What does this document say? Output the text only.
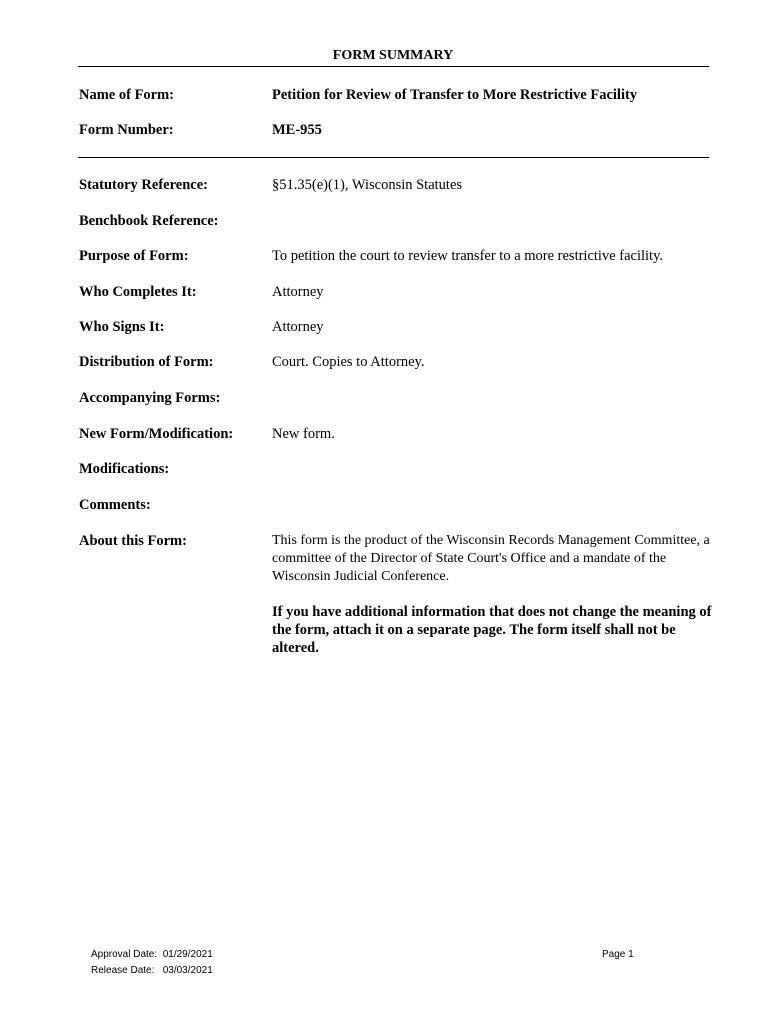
FORM SUMMARY
Name of Form:	Petition for Review of Transfer to More Restrictive Facility
Form Number:	ME-955
Statutory Reference:	§51.35(e)(1), Wisconsin Statutes
Benchbook Reference:
Purpose of Form:	To petition the court to review transfer to a more restrictive facility.
Who Completes It:	Attorney
Who Signs It:	Attorney
Distribution of Form:	Court. Copies to Attorney.
Accompanying Forms:
New Form/Modification:	New form.
Modifications:
Comments:
About this Form:	This form is the product of the Wisconsin Records Management Committee, a committee of the Director of State Court's Office and a mandate of the Wisconsin Judicial Conference.
If you have additional information that does not change the meaning of the form, attach it on a separate page. The form itself shall not be altered.
Approval Date:  01/29/2021
Release Date:   03/03/2021
Page 1
